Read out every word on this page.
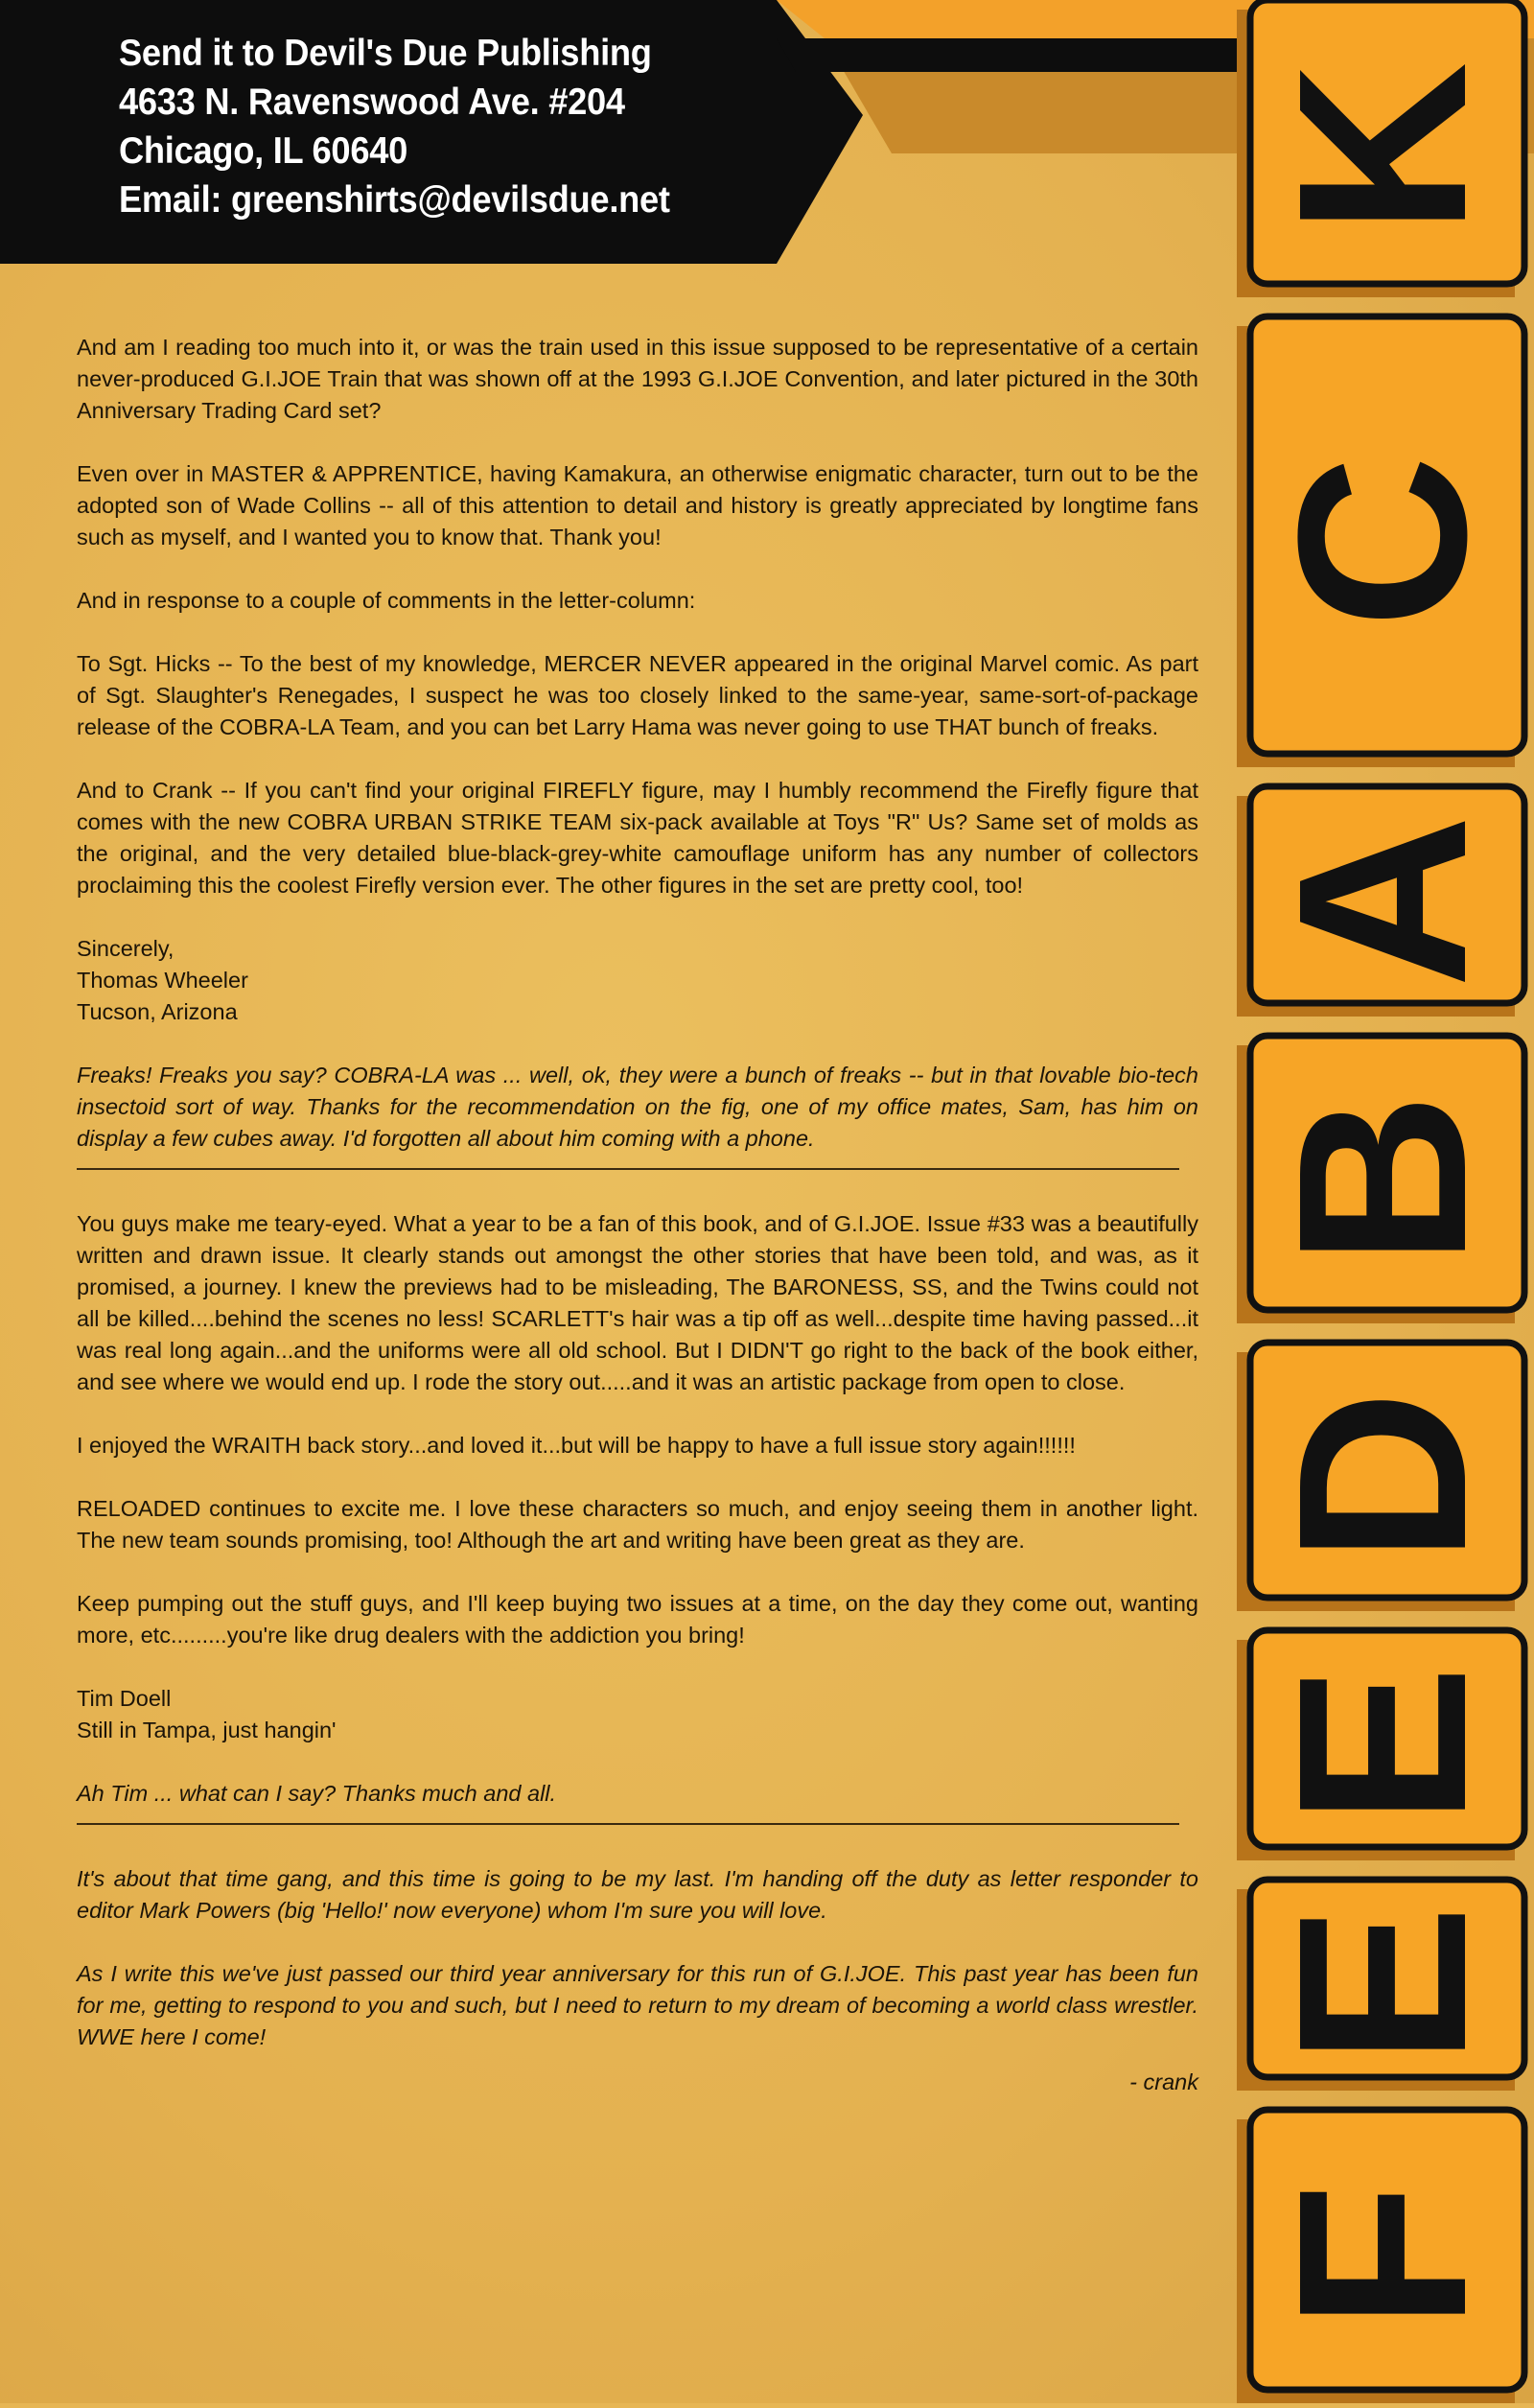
Send it to Devil's Due Publishing
4633 N. Ravenswood Ave. #204
Chicago, IL 60640
Email: greenshirts@devilsdue.net
F
E
E
D
B
A
C
K

And am I reading too much into it, or was the train used in this issue supposed to be representative of a certain never-produced G.I.JOE Train that was shown off at the 1993 G.I.JOE Convention, and later pictured in the 30th Anniversary Trading Card set?

Even over in MASTER & APPRENTICE, having Kamakura, an otherwise enigmatic character, turn out to be the adopted son of Wade Collins -- all of this attention to detail and history is greatly appreciated by longtime fans such as myself, and I wanted you to know that. Thank you!

And in response to a couple of comments in the letter-column:

To Sgt. Hicks -- To the best of my knowledge, MERCER NEVER appeared in the original Marvel comic. As part of Sgt. Slaughter's Renegades, I suspect he was too closely linked to the same-year, same-sort-of-package release of the COBRA-LA Team, and you can bet Larry Hama was never going to use THAT bunch of freaks.

And to Crank -- If you can't find your original FIREFLY figure, may I humbly recommend the Firefly figure that comes with the new COBRA URBAN STRIKE TEAM six-pack available at Toys "R" Us? Same set of molds as the original, and the very detailed blue-black-grey-white camouflage uniform has any number of collectors proclaiming this the coolest Firefly version ever. The other figures in the set are pretty cool, too!

Sincerely,
Thomas Wheeler
Tucson, Arizona

Freaks! Freaks you say? COBRA-LA was ... well, ok, they were a bunch of freaks -- but in that lovable bio-tech insectoid sort of way. Thanks for the recommendation on the fig, one of my office mates, Sam, has him on display a few cubes away. I'd forgotten all about him coming with a phone.

You guys make me teary-eyed. What a year to be a fan of this book, and of G.I.JOE. Issue #33 was a beautifully written and drawn issue. It clearly stands out amongst the other stories that have been told, and was, as it promised, a journey. I knew the previews had to be misleading, The BARONESS, SS, and the Twins could not all be killed....behind the scenes no less! SCARLETT's hair was a tip off as well...despite time having passed...it was real long again...and the uniforms were all old school. But I DIDN'T go right to the back of the book either, and see where we would end up. I rode the story out.....and it was an artistic package from open to close.

I enjoyed the WRAITH back story...and loved it...but will be happy to have a full issue story again!!!!!!

RELOADED continues to excite me. I love these characters so much, and enjoy seeing them in another light. The new team sounds promising, too! Although the art and writing have been great as they are.

Keep pumping out the stuff guys, and I'll keep buying two issues at a time, on the day they come out, wanting more, etc.........you're like drug dealers with the addiction you bring!

Tim Doell
Still in Tampa, just hangin'

Ah Tim ... what can I say? Thanks much and all.

It's about that time gang, and this time is going to be my last. I'm handing off the duty as letter responder to editor Mark Powers (big 'Hello!' now everyone) whom I'm sure you will love.

As I write this we've just passed our third year anniversary for this run of G.I.JOE. This past year has been fun for me, getting to respond to you and such, but I need to return to my dream of becoming a world class wrestler. WWE here I come!

- crank
